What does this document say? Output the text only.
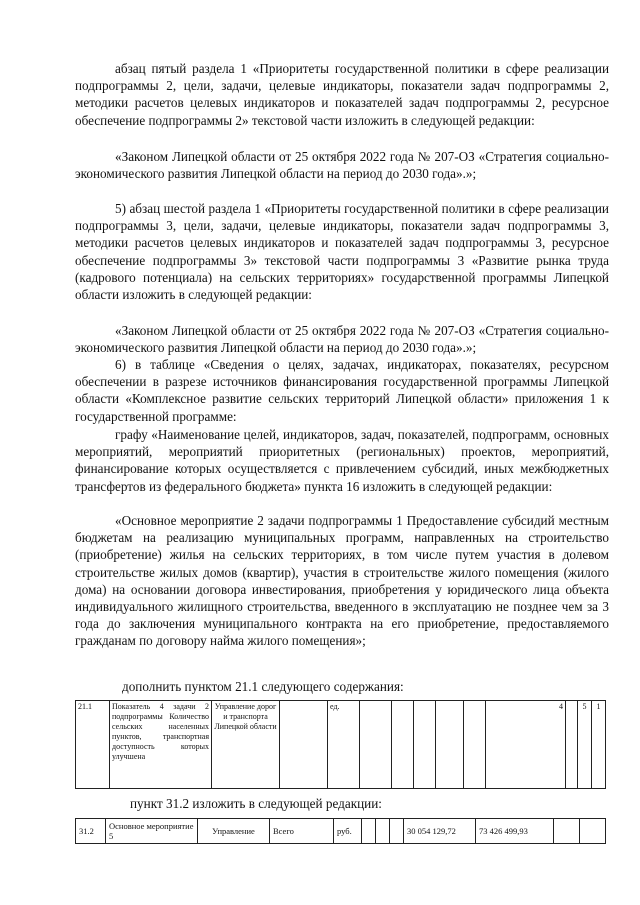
абзац пятый раздела 1 «Приоритеты государственной политики в сфере реализации подпрограммы 2, цели, задачи, целевые индикаторы, показатели задач подпрограммы 2, методики расчетов целевых индикаторов и показателей задач подпрограммы 2, ресурсное обеспечение подпрограммы 2» текстовой части изложить в следующей редакции:

«Законом Липецкой области от 25 октября 2022 года № 207-ОЗ «Стратегия социально-экономического развития Липецкой области на период до 2030 года».»;

5) абзац шестой раздела 1 «Приоритеты государственной политики в сфере реализации подпрограммы 3, цели, задачи, целевые индикаторы, показатели задач подпрограммы 3, методики расчетов целевых индикаторов и показателей задач подпрограммы 3, ресурсное обеспечение подпрограммы 3» текстовой части подпрограммы 3 «Развитие рынка труда (кадрового потенциала) на сельских территориях» государственной программы Липецкой области изложить в следующей редакции:

«Законом Липецкой области от 25 октября 2022 года № 207-ОЗ «Стратегия социально-экономического развития Липецкой области на период до 2030 года».»;

6) в таблице «Сведения о целях, задачах, индикаторах, показателях, ресурсном обеспечении в разрезе источников финансирования государственной программы Липецкой области «Комплексное развитие сельских территорий Липецкой области» приложения 1 к государственной программе:

графу «Наименование целей, индикаторов, задач, показателей, подпрограмм, основных мероприятий, мероприятий приоритетных (региональных) проектов, мероприятий, финансирование которых осуществляется с привлечением субсидий, иных межбюджетных трансфертов из федерального бюджета» пункта 16 изложить в следующей редакции:

«Основное мероприятие 2 задачи подпрограммы 1 Предоставление субсидий местным бюджетам на реализацию муниципальных программ, направленных на строительство (приобретение) жилья на сельских территориях, в том числе путем участия в долевом строительстве жилых домов (квартир), участия в строительстве жилого помещения (жилого дома) на основании договора инвестирования, приобретения у юридического лица объекта индивидуального жилищного строительства, введенного в эксплуатацию не позднее чем за 3 года до заключения муниципального контракта на его приобретение, предоставляемого гражданам по договору найма жилого помещения»;

дополнить пунктом 21.1 следующего содержания:

21.1	Показатель 4 задачи 2 подпрограммы Количество сельских населенных пунктов, транспортная доступность которых улучшена	Управление дорог и транспорта Липецкой области		ед.						4		5	1

пункт 31.2 изложить в следующей редакции:

31.2	Основное мероприятие 5	Управление	Всего	руб.				30 054 129,72	73 426 499,93		
